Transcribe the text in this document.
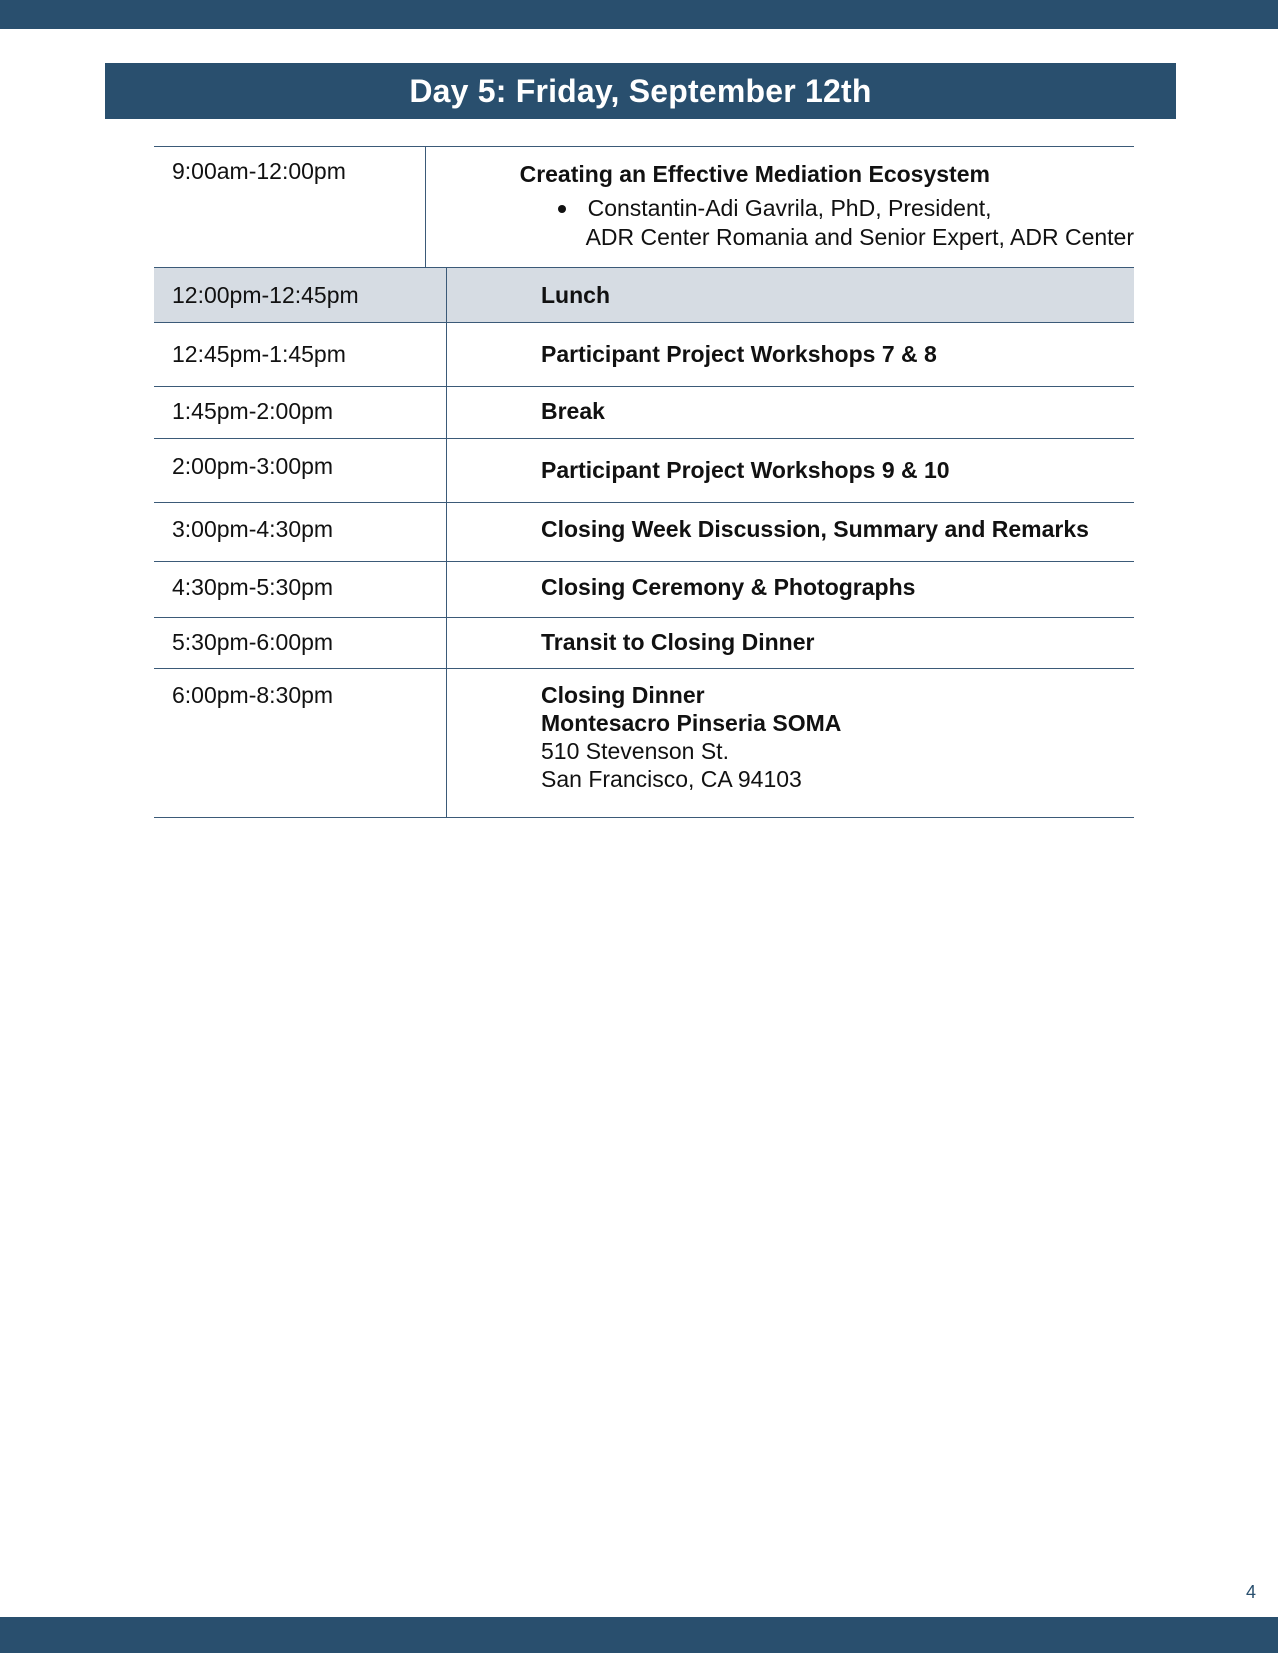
Day 5: Friday, September 12th
9:00am-12:00pm	Creating an Effective Mediation Ecosystem
Constantin-Adi Gavrila, PhD, President,
ADR Center Romania and Senior Expert, ADR Center
12:00pm-12:45pm	Lunch
12:45pm-1:45pm	Participant Project Workshops 7 & 8
1:45pm-2:00pm	Break
2:00pm-3:00pm	Participant Project Workshops 9 & 10
3:00pm-4:30pm	Closing Week Discussion, Summary and Remarks
4:30pm-5:30pm	Closing Ceremony & Photographs
5:30pm-6:00pm	Transit to Closing Dinner
6:00pm-8:30pm	Closing Dinner
Montesacro Pinseria SOMA
510 Stevenson St.
San Francisco, CA 94103
4
